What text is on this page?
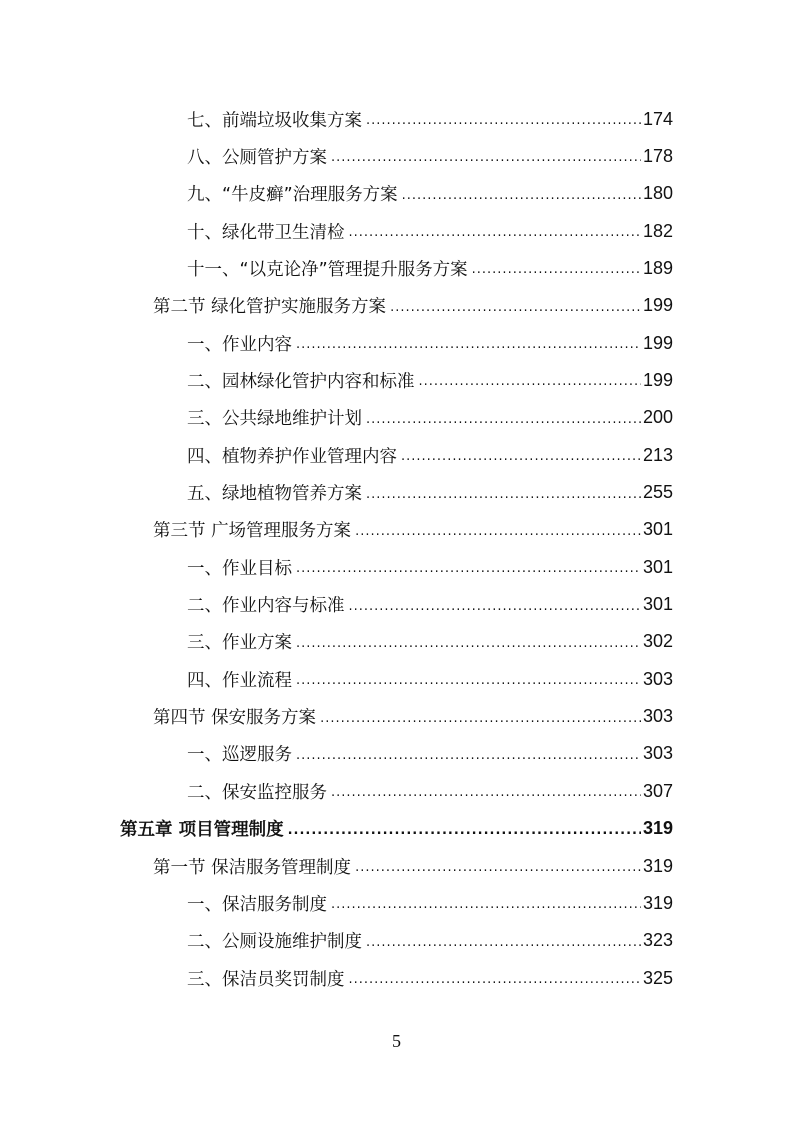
七、前端垃圾收集方案 .....	174
八、公厕管护方案 .....	178
九、“牛皮癣”治理服务方案 .....	180
十、绿化带卫生清检 .....	182
十一、“以克论净”管理提升服务方案 .....	189
第二节 绿化管护实施服务方案 .....	199
一、作业内容 .....	199
二、园林绿化管护内容和标准 .....	199
三、公共绿地维护计划 .....	200
四、植物养护作业管理内容 .....	213
五、绿地植物管养方案 .....	255
第三节 广场管理服务方案 .....	301
一、作业目标 .....	301
二、作业内容与标准 .....	301
三、作业方案 .....	302
四、作业流程 .....	303
第四节 保安服务方案 .....	303
一、巡逻服务 .....	303
二、保安监控服务 .....	307
第五章 项目管理制度 .....	319
第一节 保洁服务管理制度 .....	319
一、保洁服务制度 .....	319
二、公厕设施维护制度 .....	323
三、保洁员奖罚制度 .....	325
5
